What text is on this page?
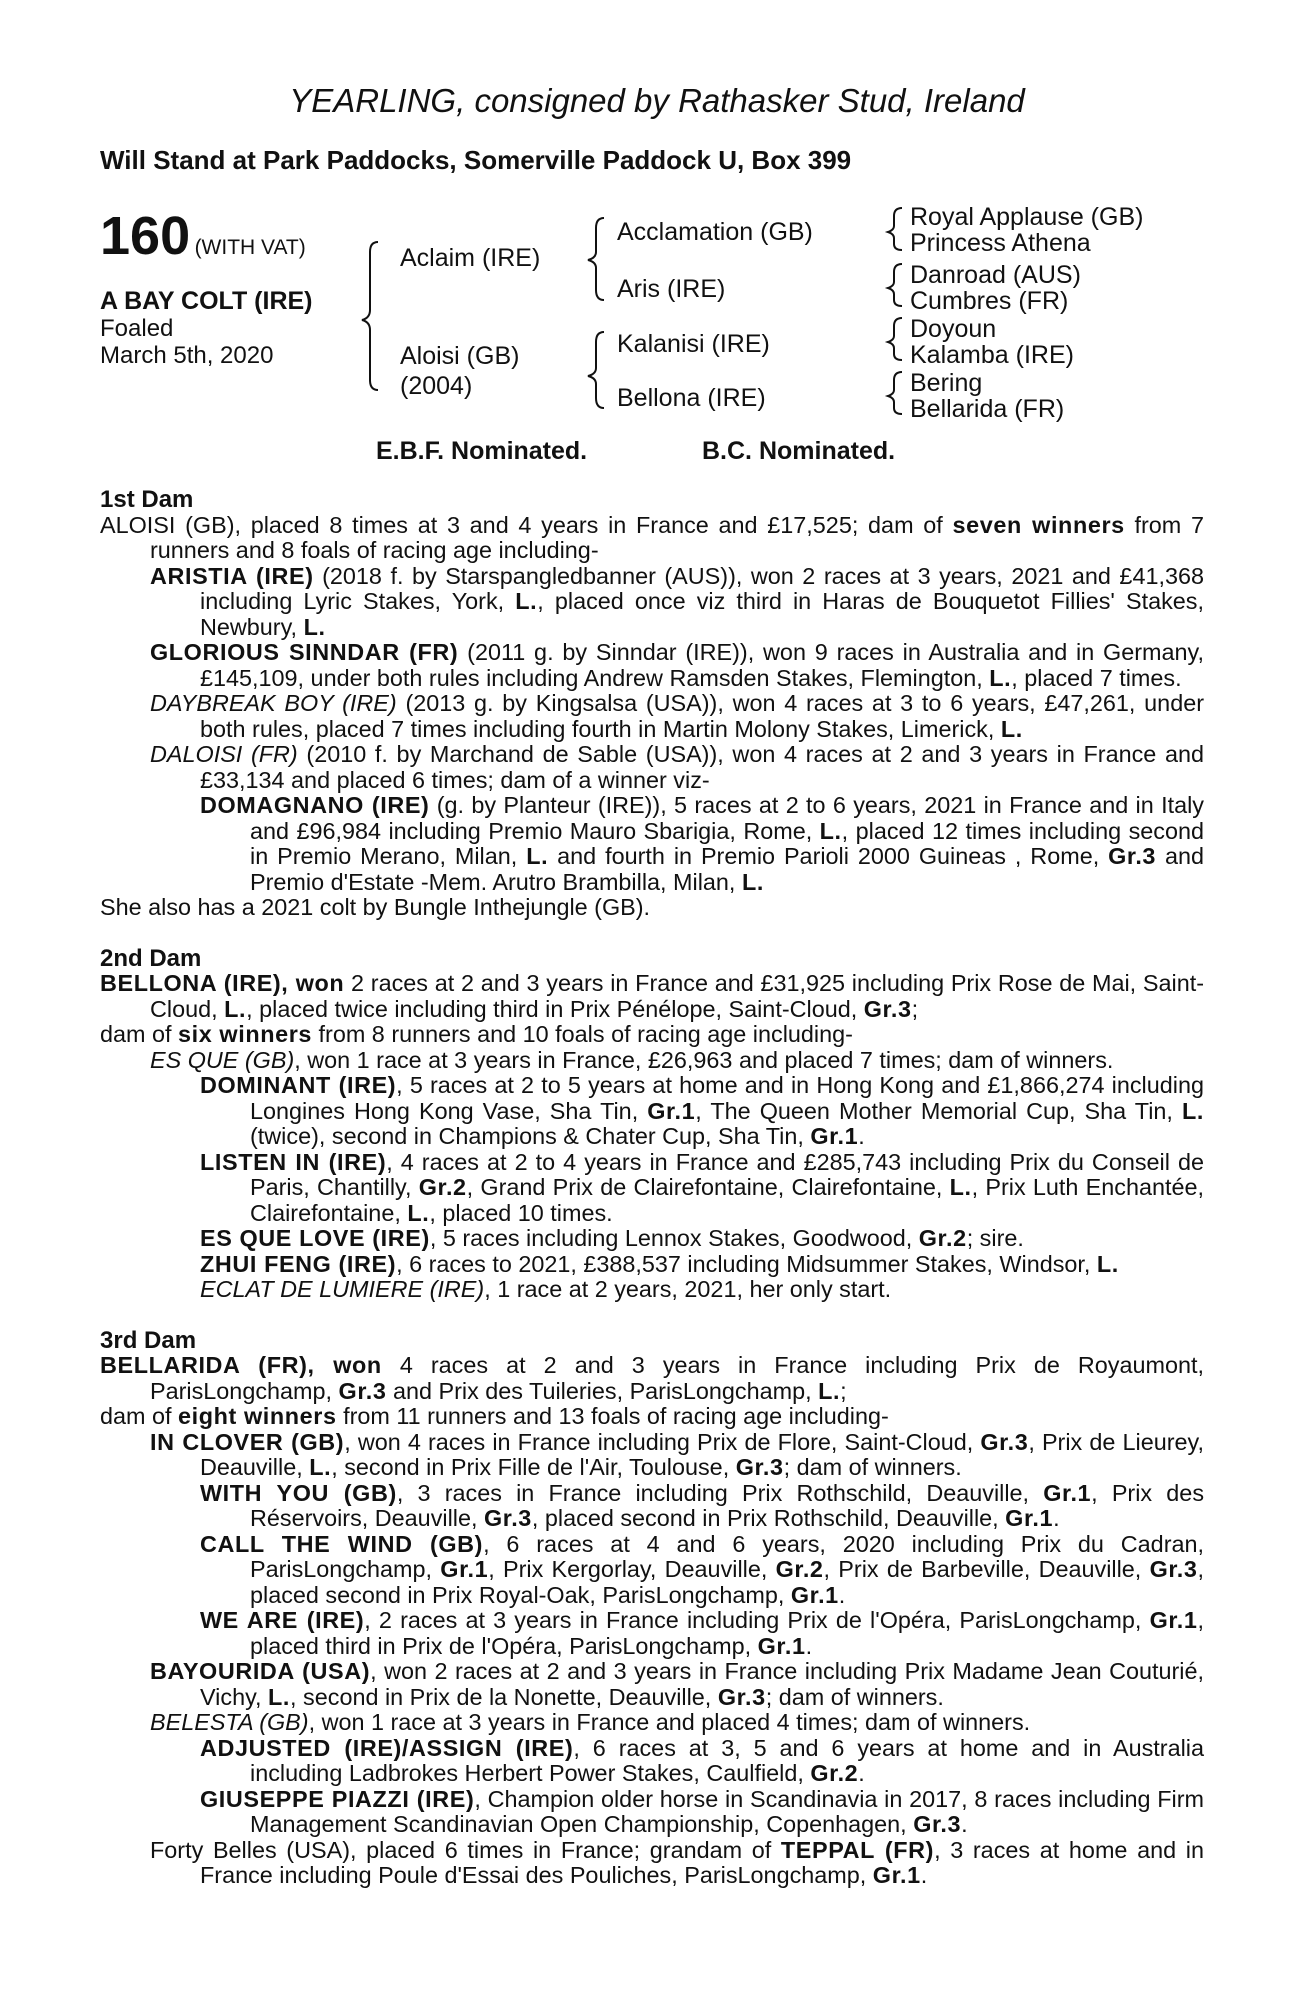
YEARLING, consigned by Rathasker Stud, Ireland
Will Stand at Park Paddocks, Somerville Paddock U, Box 399
160 (WITH VAT)
A BAY COLT (IRE)
Foaled
March 5th, 2020
Aclaim (IRE)
Aloisi (GB)
(2004)
Acclamation (GB)
Aris (IRE)
Kalanisi (IRE)
Bellona (IRE)
Royal Applause (GB)
Princess Athena
Danroad (AUS)
Cumbres (FR)
Doyoun
Kalamba (IRE)
Bering
Bellarida (FR)
E.B.F. Nominated.	B.C. Nominated.
1st Dam
ALOISI (GB), placed 8 times at 3 and 4 years in France and £17,525; dam of seven winners from 7 runners and 8 foals of racing age including-
ARISTIA (IRE) (2018 f. by Starspangledbanner (AUS)), won 2 races at 3 years, 2021 and £41,368 including Lyric Stakes, York, L., placed once viz third in Haras de Bouquetot Fillies' Stakes, Newbury, L.
GLORIOUS SINNDAR (FR) (2011 g. by Sinndar (IRE)), won 9 races in Australia and in Germany, £145,109, under both rules including Andrew Ramsden Stakes, Flemington, L., placed 7 times.
DAYBREAK BOY (IRE) (2013 g. by Kingsalsa (USA)), won 4 races at 3 to 6 years, £47,261, under both rules, placed 7 times including fourth in Martin Molony Stakes, Limerick, L.
DALOISI (FR) (2010 f. by Marchand de Sable (USA)), won 4 races at 2 and 3 years in France and £33,134 and placed 6 times; dam of a winner viz-
DOMAGNANO (IRE) (g. by Planteur (IRE)), 5 races at 2 to 6 years, 2021 in France and in Italy and £96,984 including Premio Mauro Sbarigia, Rome, L., placed 12 times including second in Premio Merano, Milan, L. and fourth in Premio Parioli 2000 Guineas , Rome, Gr.3 and Premio d'Estate -Mem. Arutro Brambilla, Milan, L.
She also has a 2021 colt by Bungle Inthejungle (GB).
2nd Dam
BELLONA (IRE), won 2 races at 2 and 3 years in France and £31,925 including Prix Rose de Mai, Saint-Cloud, L., placed twice including third in Prix Pénélope, Saint-Cloud, Gr.3;
dam of six winners from 8 runners and 10 foals of racing age including-
ES QUE (GB), won 1 race at 3 years in France, £26,963 and placed 7 times; dam of winners.
DOMINANT (IRE), 5 races at 2 to 5 years at home and in Hong Kong and £1,866,274 including Longines Hong Kong Vase, Sha Tin, Gr.1, The Queen Mother Memorial Cup, Sha Tin, L. (twice), second in Champions & Chater Cup, Sha Tin, Gr.1.
LISTEN IN (IRE), 4 races at 2 to 4 years in France and £285,743 including Prix du Conseil de Paris, Chantilly, Gr.2, Grand Prix de Clairefontaine, Clairefontaine, L., Prix Luth Enchantée, Clairefontaine, L., placed 10 times.
ES QUE LOVE (IRE), 5 races including Lennox Stakes, Goodwood, Gr.2; sire.
ZHUI FENG (IRE), 6 races to 2021, £388,537 including Midsummer Stakes, Windsor, L.
ECLAT DE LUMIERE (IRE), 1 race at 2 years, 2021, her only start.
3rd Dam
BELLARIDA (FR), won 4 races at 2 and 3 years in France including Prix de Royaumont, ParisLongchamp, Gr.3 and Prix des Tuileries, ParisLongchamp, L.;
dam of eight winners from 11 runners and 13 foals of racing age including-
IN CLOVER (GB), won 4 races in France including Prix de Flore, Saint-Cloud, Gr.3, Prix de Lieurey, Deauville, L., second in Prix Fille de l'Air, Toulouse, Gr.3; dam of winners.
WITH YOU (GB), 3 races in France including Prix Rothschild, Deauville, Gr.1, Prix des Réservoirs, Deauville, Gr.3, placed second in Prix Rothschild, Deauville, Gr.1.
CALL THE WIND (GB), 6 races at 4 and 6 years, 2020 including Prix du Cadran, ParisLongchamp, Gr.1, Prix Kergorlay, Deauville, Gr.2, Prix de Barbeville, Deauville, Gr.3, placed second in Prix Royal-Oak, ParisLongchamp, Gr.1.
WE ARE (IRE), 2 races at 3 years in France including Prix de l'Opéra, ParisLongchamp, Gr.1, placed third in Prix de l'Opéra, ParisLongchamp, Gr.1.
BAYOURIDA (USA), won 2 races at 2 and 3 years in France including Prix Madame Jean Couturié, Vichy, L., second in Prix de la Nonette, Deauville, Gr.3; dam of winners.
BELESTA (GB), won 1 race at 3 years in France and placed 4 times; dam of winners.
ADJUSTED (IRE)/ASSIGN (IRE), 6 races at 3, 5 and 6 years at home and in Australia including Ladbrokes Herbert Power Stakes, Caulfield, Gr.2.
GIUSEPPE PIAZZI (IRE), Champion older horse in Scandinavia in 2017, 8 races including Firm Management Scandinavian Open Championship, Copenhagen, Gr.3.
Forty Belles (USA), placed 6 times in France; grandam of TEPPAL (FR), 3 races at home and in France including Poule d'Essai des Pouliches, ParisLongchamp, Gr.1.
